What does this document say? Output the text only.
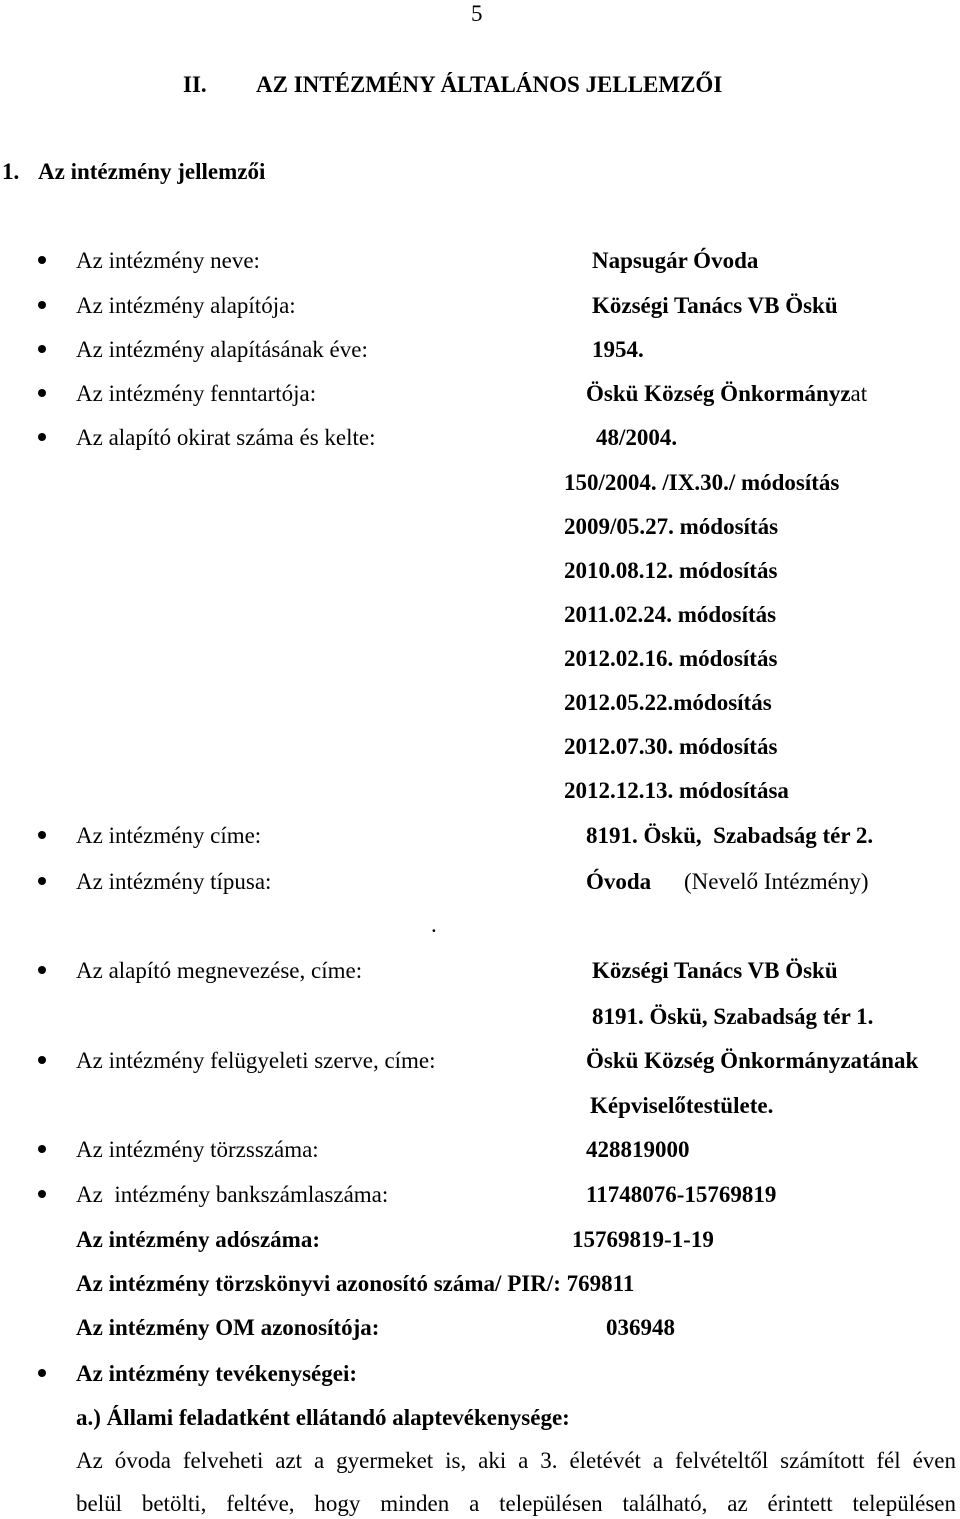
5
II. AZ INTÉZMÉNY ÁLTALÁNOS JELLEMZŐI
1. Az intézmény jellemzői
Az intézmény neve:	Napsugár Óvoda
Az intézmény alapítója:	Községi Tanács VB Öskü
Az intézmény alapításának éve:	1954.
Az intézmény fenntartója:	Öskü Község Önkormányzat
Az alapító okirat száma és kelte:	48/2004.
150/2004. /IX.30./ módosítás
2009/05.27. módosítás
2010.08.12. módosítás
2011.02.24. módosítás
2012.02.16. módosítás
2012.05.22.módosítás
2012.07.30. módosítás
2012.12.13. módosítása
Az intézmény címe:	8191. Öskü,  Szabadság tér 2.
Az intézmény típusa:	Óvoda (Nevelő Intézmény)
.
Az alapító megnevezése, címe:	Községi Tanács VB Öskü
8191. Öskü, Szabadság tér 1.
Az intézmény felügyeleti szerve, címe:	Öskü Község Önkormányzatának
Képviselőtestülete.
Az intézmény törzsszáma:	428819000
Az  intézmény bankszámlaszáma:	11748076-15769819
Az intézmény adószáma:	15769819-1-19
Az intézmény törzskönyvi azonosító száma/ PIR/: 769811
Az intézmény OM azonosítója:	036948
Az intézmény tevékenységei:
a.) Állami feladatként ellátandó alaptevékenysége:
Az óvoda felveheti azt a gyermeket is, aki a 3. életévét a felvételtől számított fél éven
belül betölti, feltéve, hogy minden a településen található, az érintett településen
